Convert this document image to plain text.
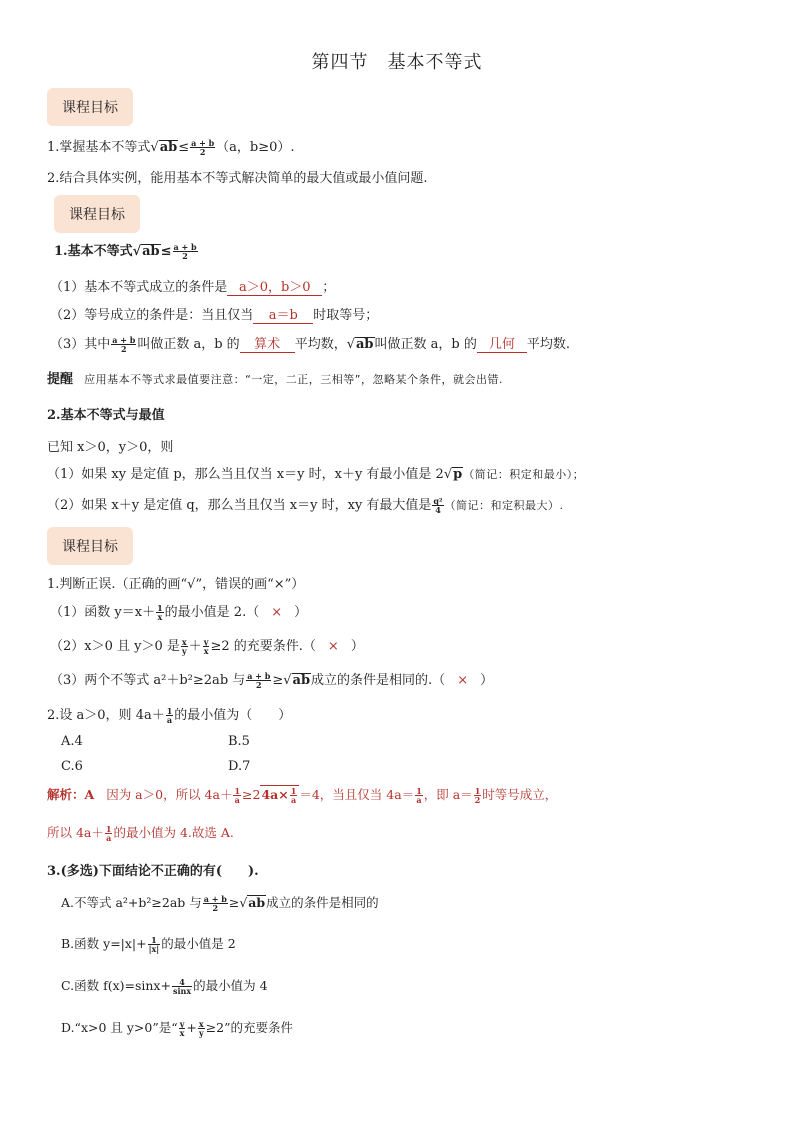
第四节　基本不等式
课程目标
1.掌握基本不等式$√ab\le \frac{a + b}{2} (a$，b≥0）.
2.结合具体实例，能用基本不等式解决简单的最大值或最小值问题.
课程目标
1.基本不等式$√ab\le \frac{a + b}{2}$
（1）基本不等式成立的条件是 a＞0，b＞0 ；
（2）等号成立的条件是：当且仅当 a＝b 时取等号；
（3）其中 $\frac{a + b}{2}$ 叫做正数 a，b 的 算术 平均数，√ab叫做正数 a，b 的 几何 平均数.
提醒 应用基本不等式求最值要注意：“一定，二正，三相等”，忽略某个条件，就会出错.
2.基本不等式与最值
已知 x＞0，y＞0，则
（1）如果 xy 是定值 p，那么当且仅当 x＝y 时，x＋y 有最小值是 2√p（简记：积定和最小）；
（2）如果 x＋y 是定值 q，那么当且仅当 x＝y 时，xy 有最大值是 $\frac{\text{q²}}{4}$ （简记：和定积最大）.
课程目标
1.判断正误.（正确的画“√”，错误的画“×”）
（1）函数 $y=x+ \frac{1}{x}$ 的最小值是 2.（ × ）
（2）x＞0 且 y＞0 是 $\frac{x}{y} + \frac{y}{x} \ge 2$ 的充要条件.（ × ）
（3）两个不等式 a²＋b²≥2ab 与 $\frac{a + b}{2} \ge√ab$成立的条件是相同的.（ × ）
2.设 a＞0，则 $4a+ \frac{1}{a}$ 的最小值为（　　）
A.4	B.5
C.6	D.7
解析：A 因为 a＞0，所以 $4a+ \frac{1}{a} \ge 24a\times \frac{1}{a} =4$，当且仅当 $4a= \frac{1}{a}$ ，即 $a= \frac{1}{2}$ 时等号成立，
所以 $4a+ \frac{1}{a}$ 的最小值为 4.故选 A.
3.(多选)下面结论不正确的有(　　).
A.不等式 a²+b²≥2ab 与 $\frac{a + b}{2} \ge√ab$成立的条件是相同的
B.函数 $y=|x|+ \frac{1}{|x|}$ 的最小值是 2
C.函数 $f(x)=\sin x+ \frac{4}{\sin x}$ 的最小值为 4
D.“x>0 且 y>0”是“ $\frac{y}{x} + \frac{x}{y} \ge 2$”的充要条件
